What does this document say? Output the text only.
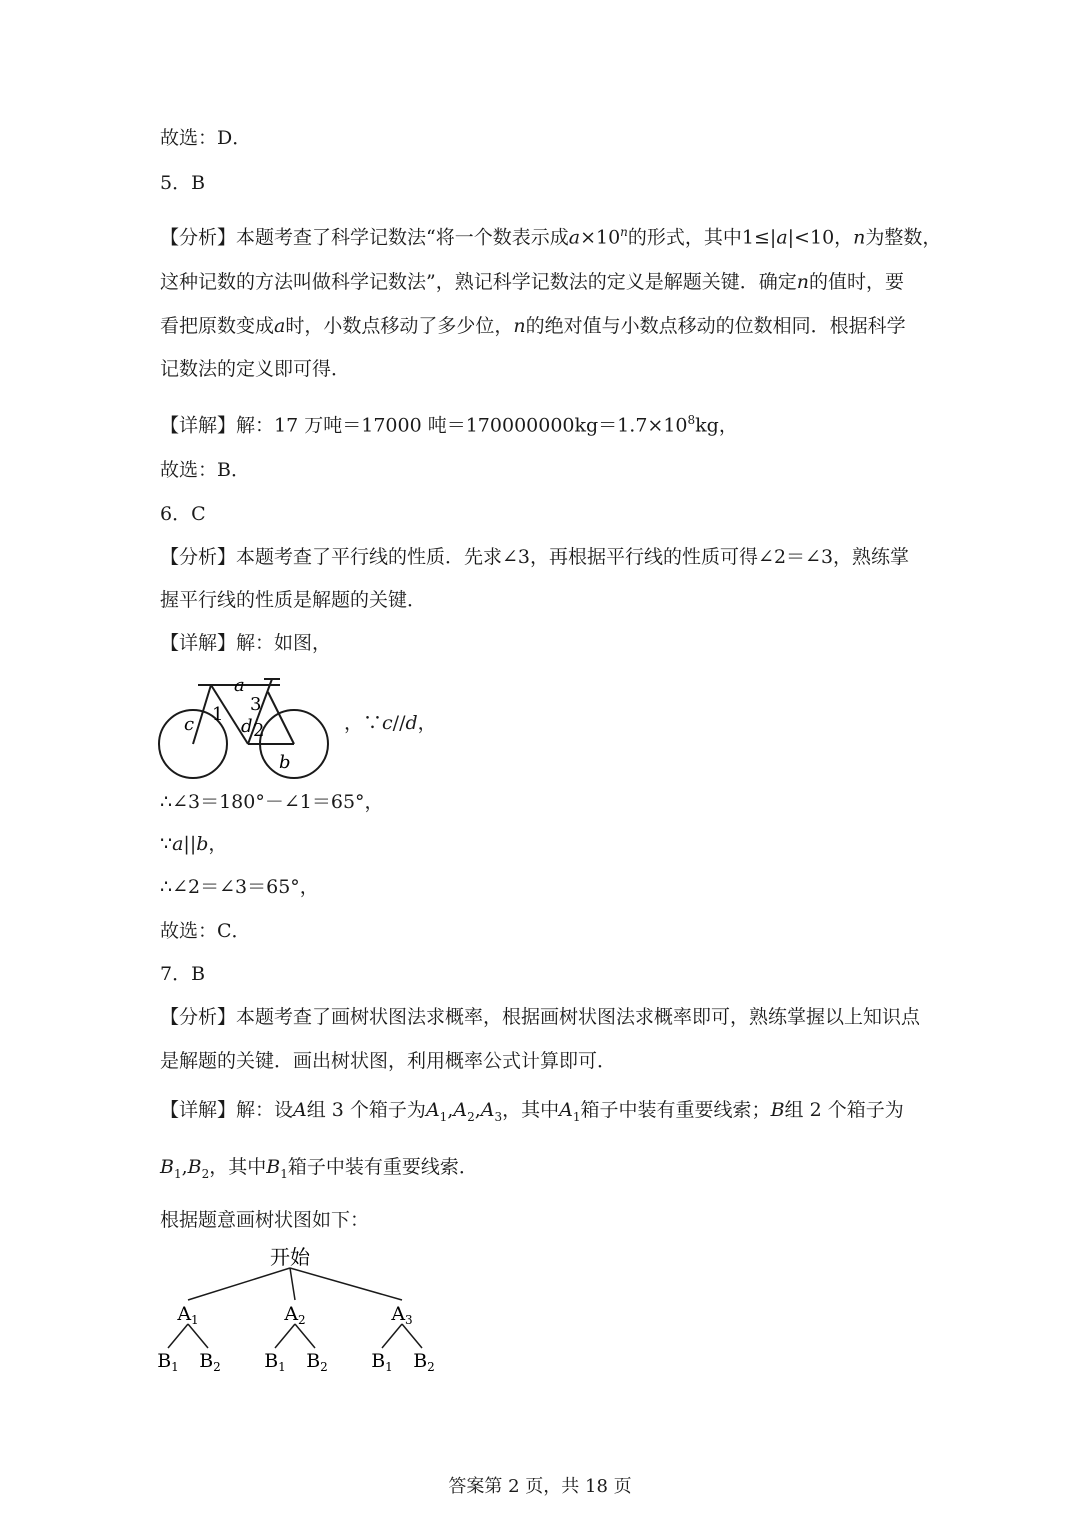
故选：D．
5．B
【分析】本题考查了科学记数法“将一个数表示成$a\times 10^n$的形式，其中1≤|a|<10，n为整数，
这种记数的方法叫做科学记数法”，熟记科学记数法的定义是解题关键．确定n的值时，要
看把原数变成a时，小数点移动了多少位，n的绝对值与小数点移动的位数相同．根据科学
记数法的定义即可得．
【详解】解：17 万吨＝17000 吨$=170000000kg=1.7\times 10^8kg$，
故选：B．
6．C
【分析】本题考查了平行线的性质．先求∠3，再根据平行线的性质可得∠2＝∠3，熟练掌
握平行线的性质是解题的关键．
【详解】解：如图，
a
b
c	d
1
2
3
，∵c//d，
∴∠3＝180°－∠1＝65°，
∵a||b，
∴∠2＝∠3＝65°，
故选：C．
7．B
【分析】本题考查了画树状图法求概率，根据画树状图法求概率即可，熟练掌握以上知识点
是解题的关键．画出树状图，利用概率公式计算即可．
【详解】解：设A组 3 个箱子为$A_1,A_2,A_3$，其中$A_1$箱子中装有重要线索；B组 2 个箱子为
$B_1,B_2$，其中$B_1$箱子中装有重要线索．
根据题意画树状图如下：
开始
$A_1$	$A_2$	$A_3$
$B_1$ $B_2$ $B_1$ $B_2$ $B_1$ $B_2$
答案第 2 页，共 18 页
